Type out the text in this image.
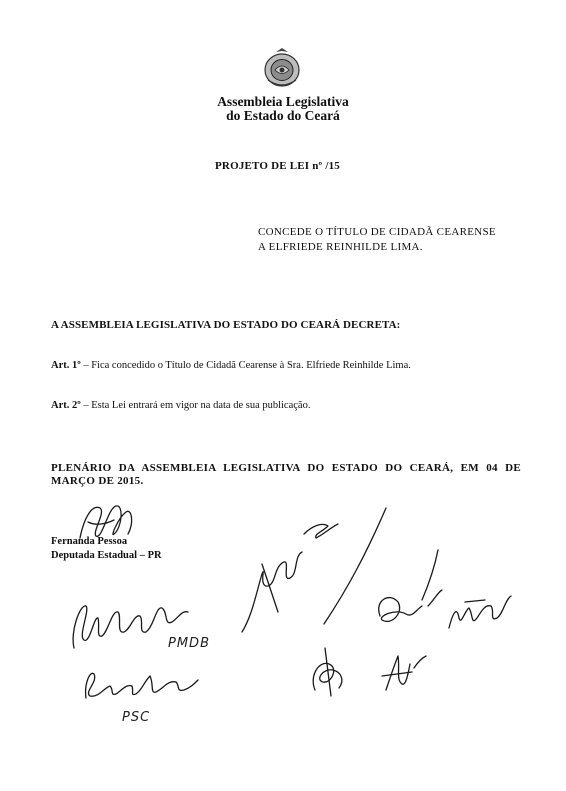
Assembleia Legislativa
do Estado do Ceará
PROJETO DE LEI nº /15
CONCEDE O TÍTULO DE CIDADÃ CEARENSE
A ELFRIEDE REINHILDE LIMA.
A ASSEMBLEIA LEGISLATIVA DO ESTADO DO CEARÁ DECRETA:
Art. 1º – Fica concedido o Título de Cidadã Cearense à Sra. Elfriede Reinhilde Lima.
Art. 2º – Esta Lei entrará em vigor na data de sua publicação.
PLENÁRIO DA ASSEMBLEIA LEGISLATIVA DO ESTADO DO CEARÁ, EM 04 DE MARÇO DE 2015.
Fernanda Pessoa
Deputada Estadual – PR
PMDB
PSC
